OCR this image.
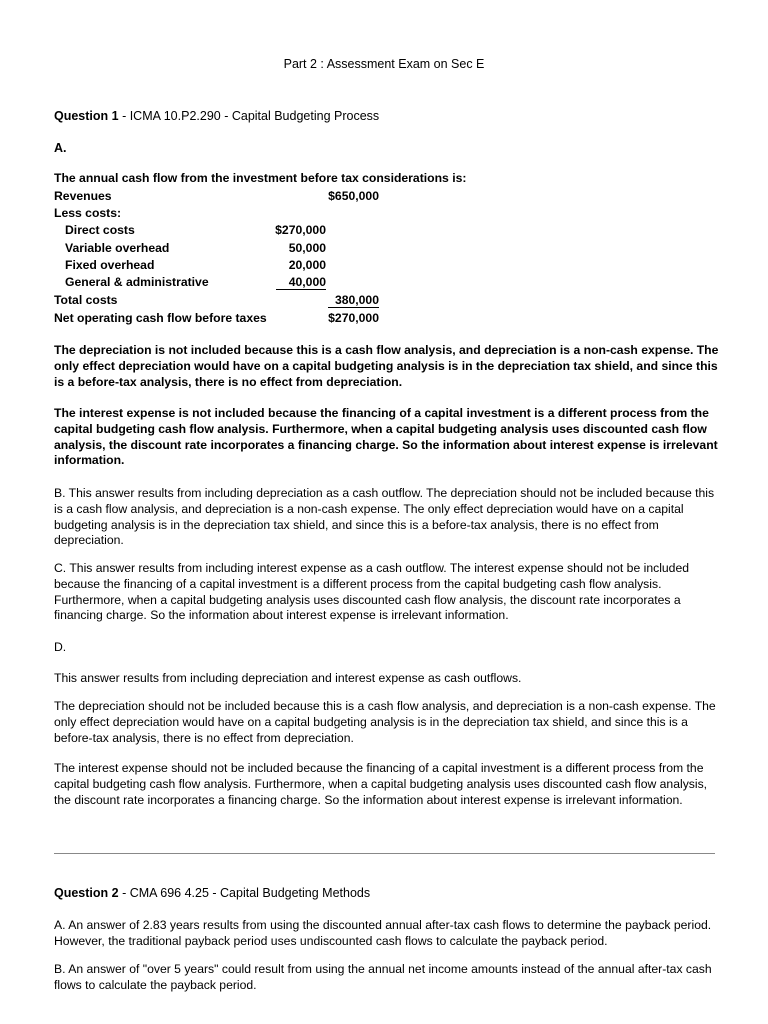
Part 2 : Assessment Exam on Sec E
Question 1 - ICMA 10.P2.290 - Capital Budgeting Process
A.
The annual cash flow from the investment before tax considerations is:
Revenues	$650,000
Less costs:
Direct costs	$270,000
Variable overhead	50,000
Fixed overhead	20,000
General & administrative	40,000
Total costs	380,000
Net operating cash flow before taxes	$270,000
The depreciation is not included because this is a cash flow analysis, and depreciation is a non-cash expense. The only effect depreciation would have on a capital budgeting analysis is in the depreciation tax shield, and since this is a before-tax analysis, there is no effect from depreciation.
The interest expense is not included because the financing of a capital investment is a different process from the capital budgeting cash flow analysis. Furthermore, when a capital budgeting analysis uses discounted cash flow analysis, the discount rate incorporates a financing charge. So the information about interest expense is irrelevant information.
B. This answer results from including depreciation as a cash outflow. The depreciation should not be included because this is a cash flow analysis, and depreciation is a non-cash expense. The only effect depreciation would have on a capital budgeting analysis is in the depreciation tax shield, and since this is a before-tax analysis, there is no effect from depreciation.
C. This answer results from including interest expense as a cash outflow. The interest expense should not be included because the financing of a capital investment is a different process from the capital budgeting cash flow analysis. Furthermore, when a capital budgeting analysis uses discounted cash flow analysis, the discount rate incorporates a financing charge. So the information about interest expense is irrelevant information.
D.
This answer results from including depreciation and interest expense as cash outflows.
The depreciation should not be included because this is a cash flow analysis, and depreciation is a non-cash expense. The only effect depreciation would have on a capital budgeting analysis is in the depreciation tax shield, and since this is a before-tax analysis, there is no effect from depreciation.
The interest expense should not be included because the financing of a capital investment is a different process from the capital budgeting cash flow analysis. Furthermore, when a capital budgeting analysis uses discounted cash flow analysis, the discount rate incorporates a financing charge. So the information about interest expense is irrelevant information.
Question 2 - CMA 696 4.25 - Capital Budgeting Methods
A. An answer of 2.83 years results from using the discounted annual after-tax cash flows to determine the payback period. However, the traditional payback period uses undiscounted cash flows to calculate the payback period.
B. An answer of "over 5 years" could result from using the annual net income amounts instead of the annual after-tax cash flows to calculate the payback period.
